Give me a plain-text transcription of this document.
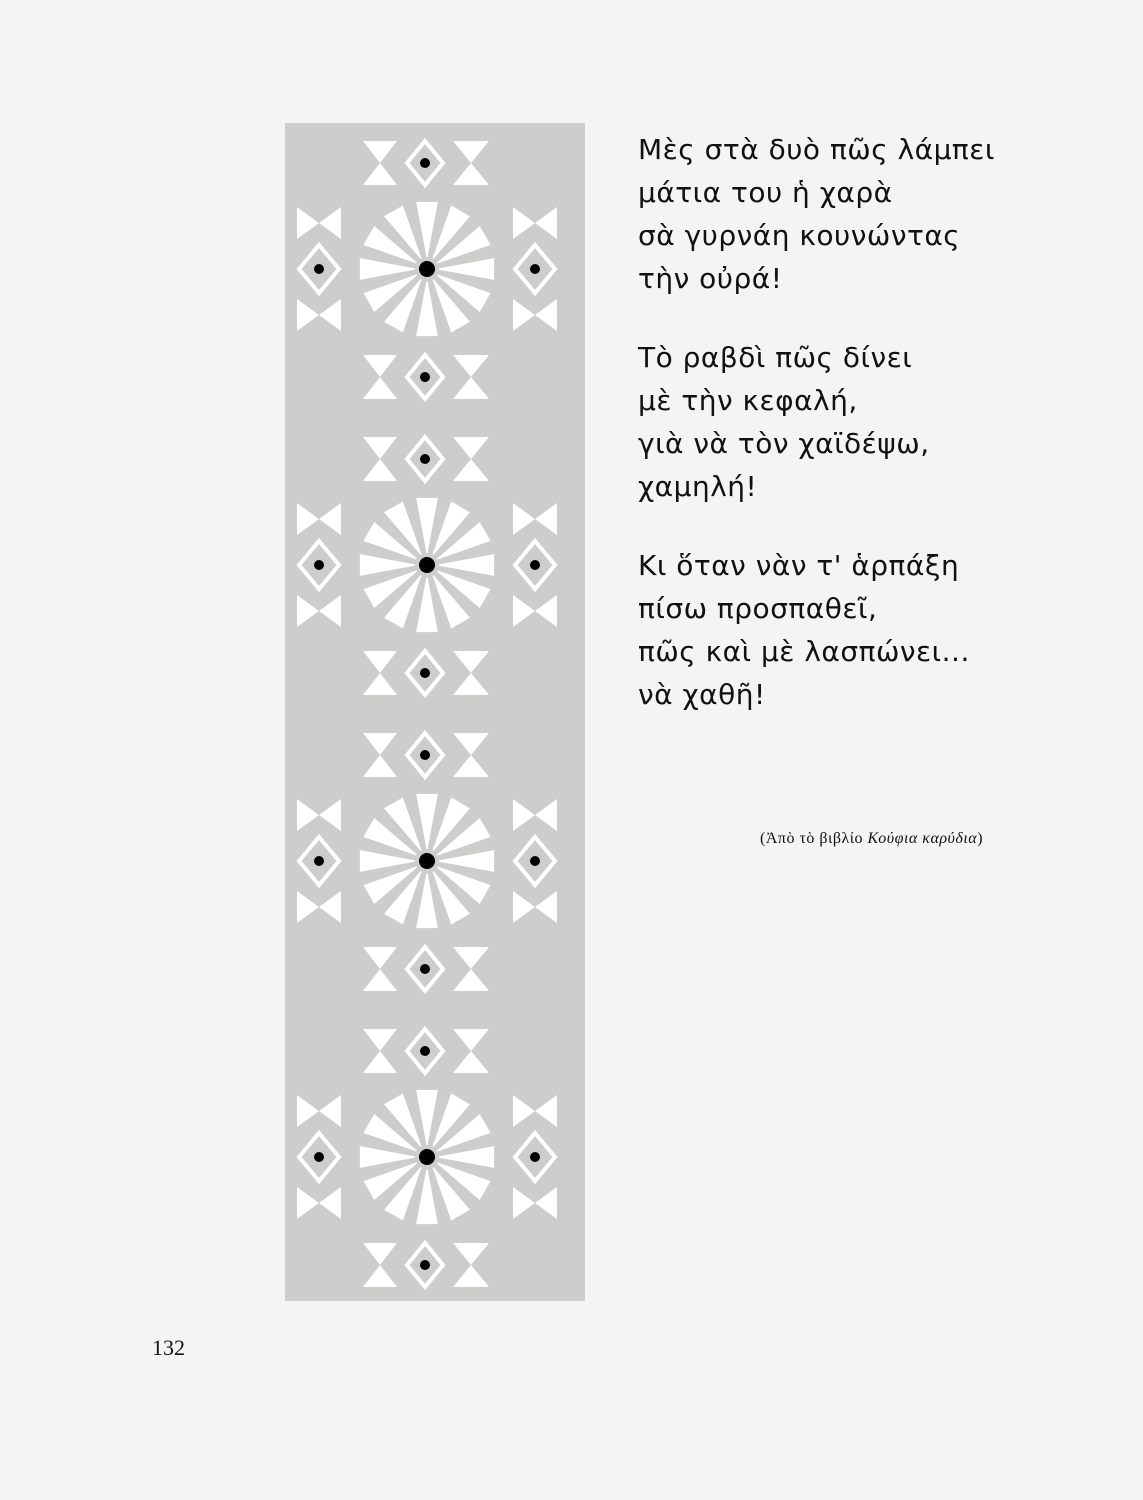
Μὲς στὰ δυὸ πῶς λάμπει
μάτια του ἡ χαρὰ
σὰ γυρνάη κουνώντας
τὴν οὐρά!
Τὸ ραβδὶ πῶς δίνει
μὲ τὴν κεφαλή,
γιὰ νὰ τὸν χαϊδέψω,
χαμηλή!
Κι ὅταν νὰν τ' ἁρπάξη
πίσω προσπαθεῖ,
πῶς καὶ μὲ λασπώνει...
νὰ χαθῆ!
(Ἀπὸ τὸ βιβλίο Κούφια καρύδια)
132
